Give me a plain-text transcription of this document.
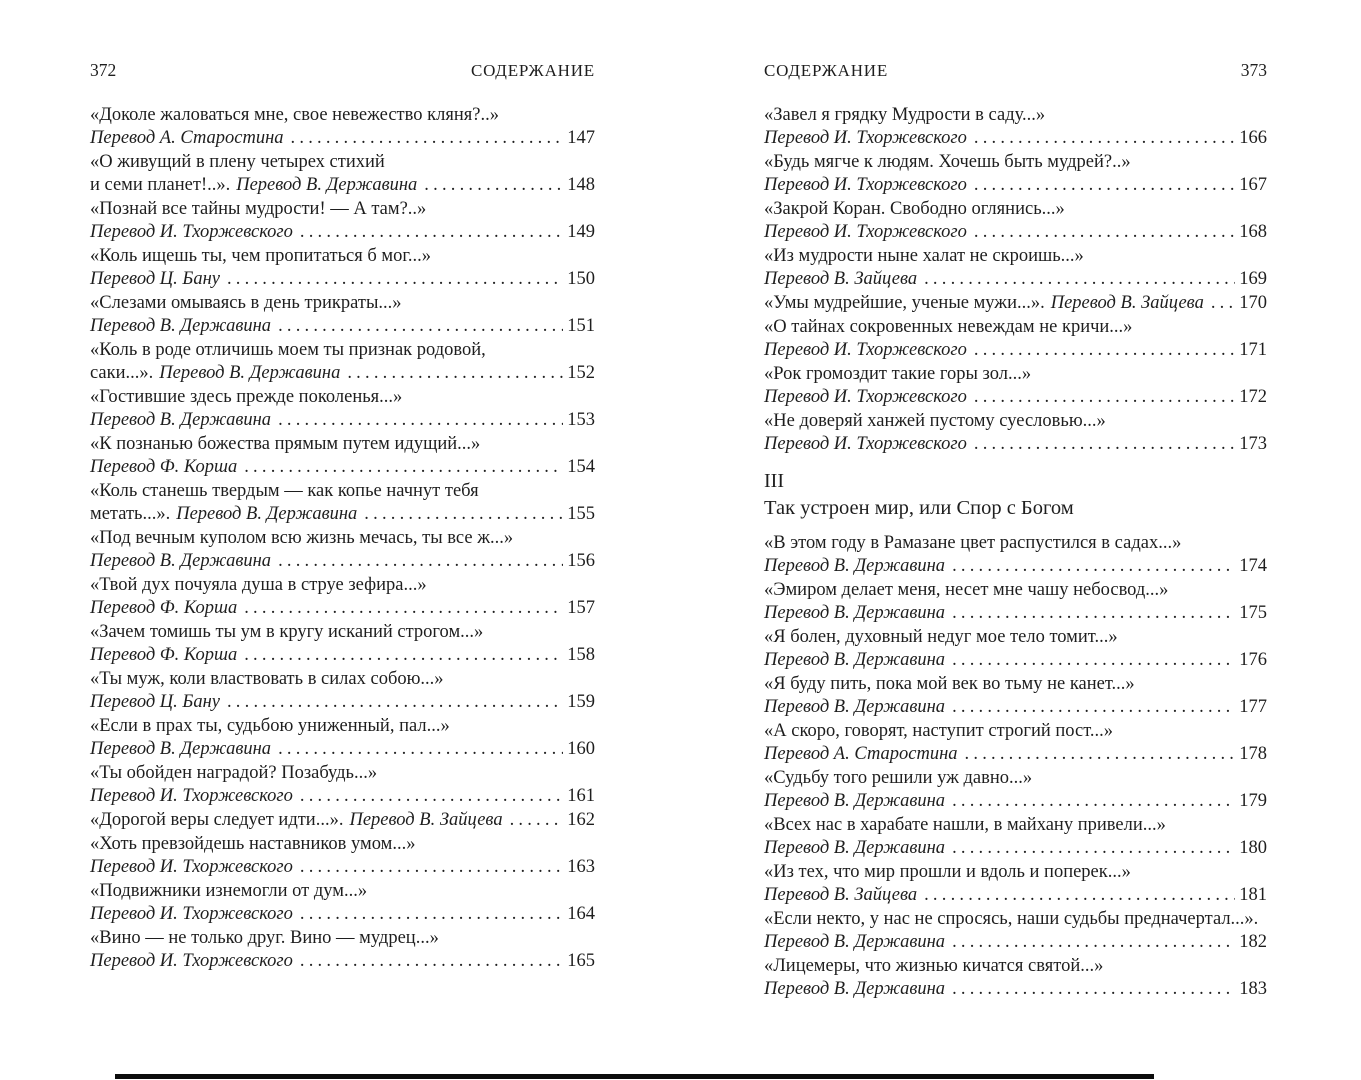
372	СОДЕРЖАНИЕ
«Доколе жаловаться мне, свое невежество кляня?..»
Перевод А. Старостина .....	147
«О живущий в плену четырех стихий
и семи планет!..». Перевод В. Державина .....	148
«Познай все тайны мудрости! — А там?..»
Перевод И. Тхоржевского .....	149
«Коль ищешь ты, чем пропитаться б мог...»
Перевод Ц. Бану .....	150
«Слезами омываясь в день трикраты...»
Перевод В. Державина .....	151
«Коль в роде отличишь моем ты признак родовой,
саки...». Перевод В. Державина .....	152
«Гостившие здесь прежде поколенья...»
Перевод В. Державина .....	153
«К познанью божества прямым путем идущий...»
Перевод Ф. Корша .....	154
«Коль станешь твердым — как копье начнут тебя
метать...». Перевод В. Державина .....	155
«Под вечным куполом всю жизнь мечась, ты все ж...»
Перевод В. Державина .....	156
«Твой дух почуяла душа в струе зефира...»
Перевод Ф. Корша .....	157
«Зачем томишь ты ум в кругу исканий строгом...»
Перевод Ф. Корша .....	158
«Ты муж, коли властвовать в силах собою...»
Перевод Ц. Бану .....	159
«Если в прах ты, судьбою униженный, пал...»
Перевод В. Державина .....	160
«Ты обойден наградой? Позабудь...»
Перевод И. Тхоржевского .....	161
«Дорогой веры следует идти...». Перевод В. Зайцева .....	162
«Хоть превзойдешь наставников умом...»
Перевод И. Тхоржевского .....	163
«Подвижники изнемогли от дум...»
Перевод И. Тхоржевского .....	164
«Вино — не только друг. Вино — мудрец...»
Перевод И. Тхоржевского .....	165
СОДЕРЖАНИЕ	373
«Завел я грядку Мудрости в саду...»
Перевод И. Тхоржевского .....	166
«Будь мягче к людям. Хочешь быть мудрей?..»
Перевод И. Тхоржевского .....	167
«Закрой Коран. Свободно оглянись...»
Перевод И. Тхоржевского .....	168
«Из мудрости ныне халат не скроишь...»
Перевод В. Зайцева .....	169
«Умы мудрейшие, ученые мужи...». Перевод В. Зайцева ..... 170
«О тайнах сокровенных невеждам не кричи...»
Перевод И. Тхоржевского .....	171
«Рок громоздит такие горы зол...»
Перевод И. Тхоржевского .....	172
«Не доверяй ханжей пустому суесловью...»
Перевод И. Тхоржевского .....	173
III
Так устроен мир, или Спор с Богом
«В этом году в Рамазане цвет распустился в садах...»
Перевод В. Державина .....	174
«Эмиром делает меня, несет мне чашу небосвод...»
Перевод В. Державина .....	175
«Я болен, духовный недуг мое тело томит...»
Перевод В. Державина .....	176
«Я буду пить, пока мой век во тьму не канет...»
Перевод В. Державина .....	177
«А скоро, говорят, наступит строгий пост...»
Перевод А. Старостина .....	178
«Судьбу того решили уж давно...»
Перевод В. Державина .....	179
«Всех нас в харабате нашли, в майхану привели...»
Перевод В. Державина .....	180
«Из тех, что мир прошли и вдоль и поперек...»
Перевод В. Зайцева .....	181
«Если некто, у нас не спросясь, наши судьбы предначертал...».
Перевод В. Державина .....	182
«Лицемеры, что жизнью кичатся святой...»
Перевод В. Державина .....	183
